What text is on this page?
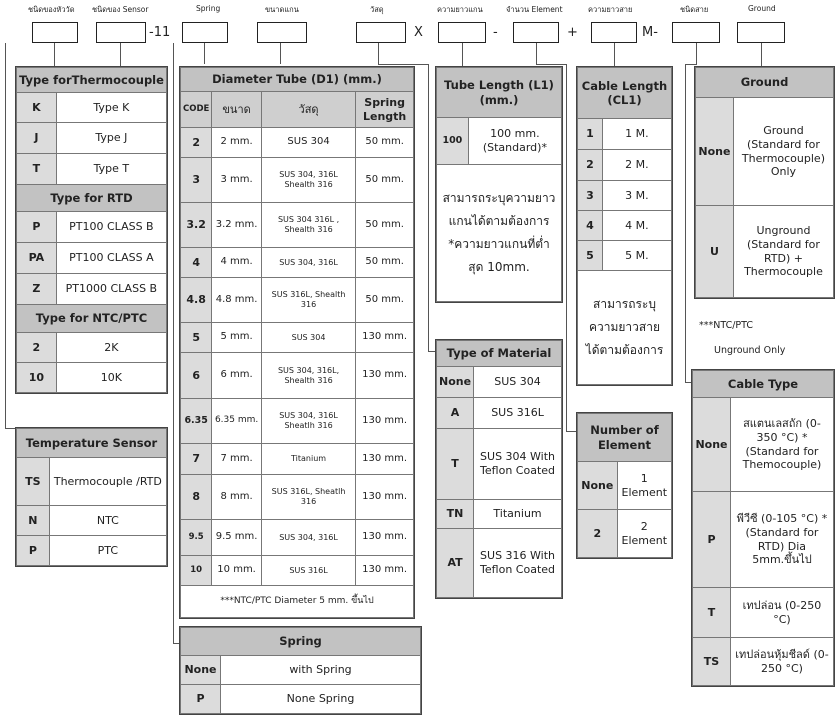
ชนิดของหัววัด ชนิดของ Sensor	Spring	ขนาดแกน	วัสดุ	ความยาวแกน	จำนวน Element	ความยาวสาย	ชนิดสาย	Ground
-11	X	-	+	M-
Type forThermocouple	
K	Type K
J	Type J
T	Type T
Type for RTD	
P	PT100 CLASS B
PA	PT100 CLASS A
Z	PT1000 CLASS B
Type for NTC/PTC	
2	2K
10	10K
Temperature Sensor	
TS	Thermocouple /RTD
N	NTC
P	PTC
Diameter Tube (D1) (mm.)			
CODE	ขนาด	วัสดุ	Spring Length
2	2 mm.	SUS 304	50 mm.
3	3 mm.	SUS 304, 316L Shealth 316	50 mm.
3.2	3.2 mm.	SUS 304 316L , Shealth 316	50 mm.
4	4 mm.	SUS 304, 316L	50 mm.
4.8	4.8 mm.	SUS 316L, Shealth 316	50 mm.
5	5 mm.	SUS 304	130 mm.
6	6 mm.	SUS 304, 316L, Shealth 316	130 mm.
6.35	6.35 mm.	SUS 304, 316L Sheatlh 316	130 mm.
7	7 mm.	Titanium	130 mm.
8	8 mm.	SUS 316L, Sheatlh 316	130 mm.
9.5	9.5 mm.	SUS 304, 316L	130 mm.
10	10 mm.	SUS 316L	130 mm.
***NTC/PTC Diameter 5 mm. ขึ้นไป			
Spring	
None	with Spring
P	None Spring
Tube Length (L1) (mm.)
100	100 mm. (Standard)*
สามารถระบุความยาวแกนได้ตามต้องการ *ความยาวแกนที่ต่ำสุด 10mm.
Type of Material	
None	SUS 304
A	SUS 316L
T	SUS 304 With Teflon Coated
TN	Titanium
AT	SUS 316 With Teflon Coated
Cable Length (CL1)	
1	1 M.
2	2 M.
3	3 M.
4	4 M.
5	5 M.
สามารถระบุ ความยาวสาย ได้ตามต้องการ	
Number of Element	
None	1 Element
2	2 Element
Ground	
None	Ground (Standard for Thermocouple) Only
U	Unground (Standard for RTD) + Thermocouple
***NTC/PTC
Unground Only
Cable Type	
None	สแตนเลสถัก (0-350 °C) *(Standard for Themocouple)
P	พีวีซี (0-105 °C) *(Standard for RTD) Dia 5mm.ขึ้นไป
T	เทปล่อน (0-250 °C)
TS	เทปล่อนหุ้มชีลด์ (0-250 °C)
